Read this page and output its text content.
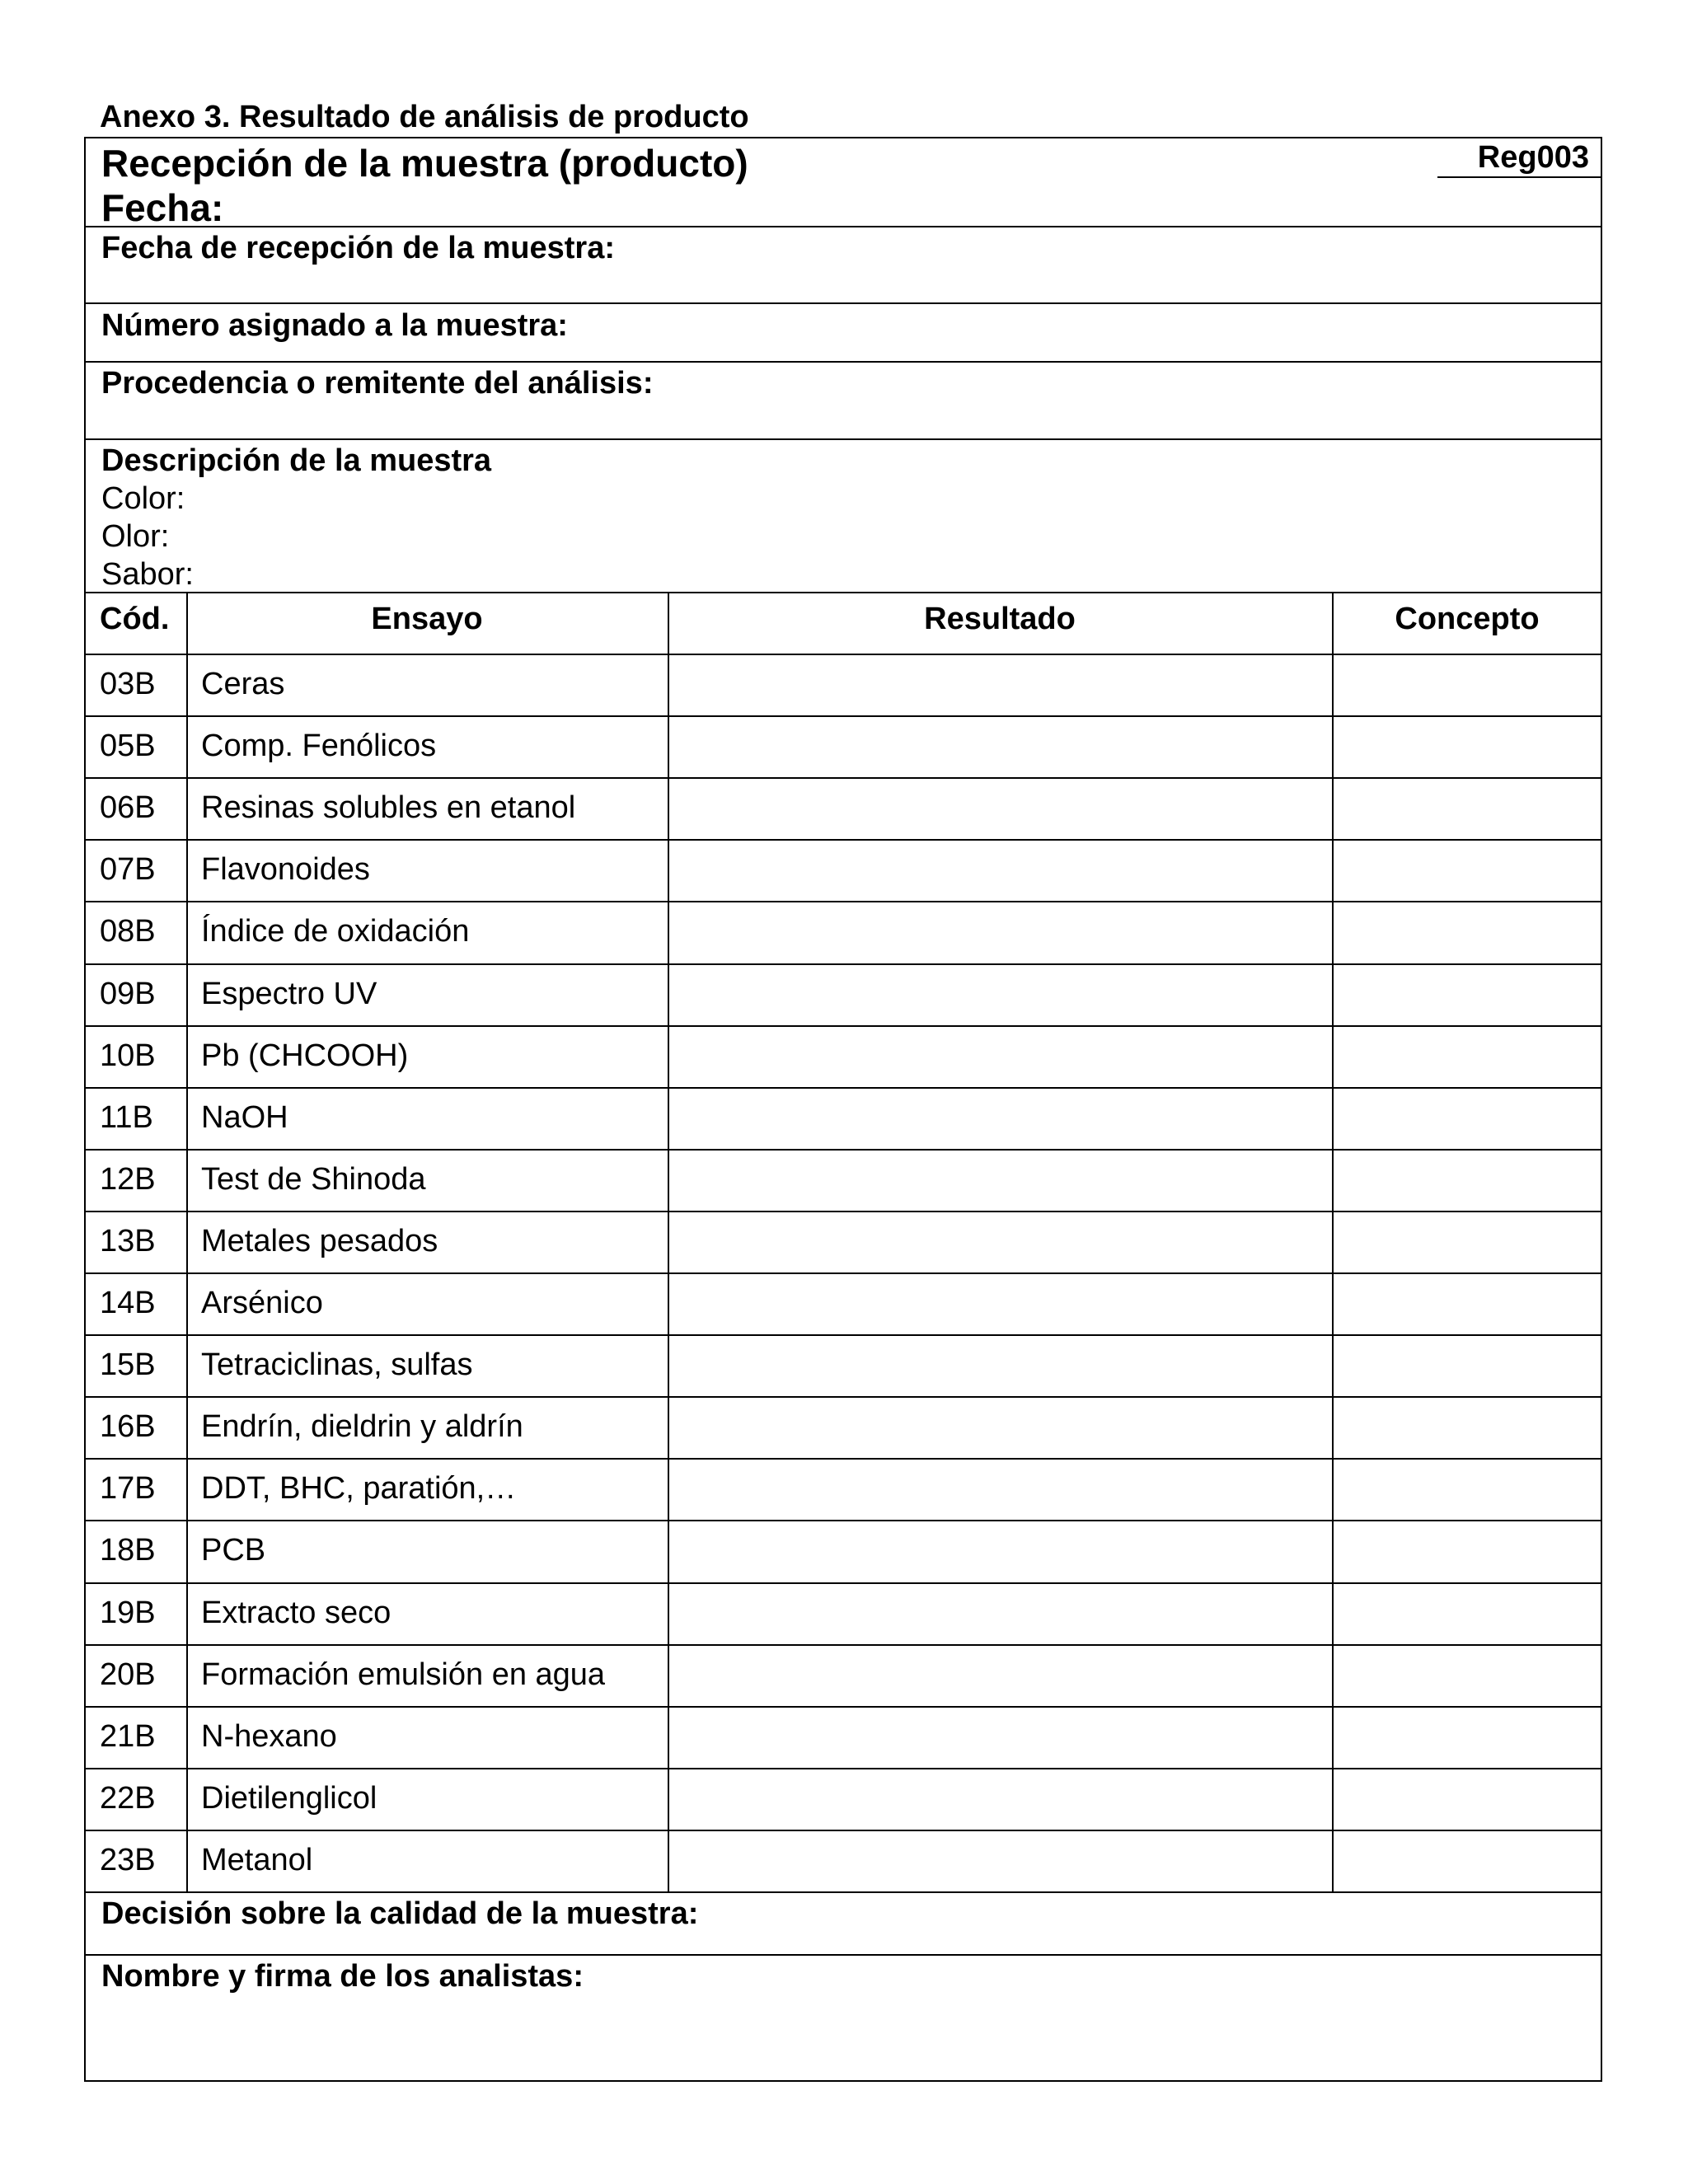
Anexo 3. Resultado de análisis de producto
Recepción de la muestra (producto)	Reg003
Fecha:
Fecha de recepción de la muestra:
Número asignado a la muestra:
Procedencia o remitente del análisis:
Descripción de la muestra
Color:
Olor:
Sabor:
Decisión sobre la calidad de la muestra:
Nombre y firma de los analistas:
Cód.	Ensayo	Resultado	Concepto
03B Ceras
05B Comp. Fenólicos
06B Resinas solubles en etanol
07B Flavonoides
08B Índice de oxidación
09B Espectro UV
10B Pb (CHCOOH)
11B NaOH
12B Test de Shinoda
13B Metales pesados
14B Arsénico
15B Tetraciclinas, sulfas
16B Endrín, dieldrin y aldrín
17B DDT, BHC, paratión,…
18B PCB
19B Extracto seco
20B Formación emulsión en agua
21B N-hexano
22B Dietilenglicol
23B Metanol
